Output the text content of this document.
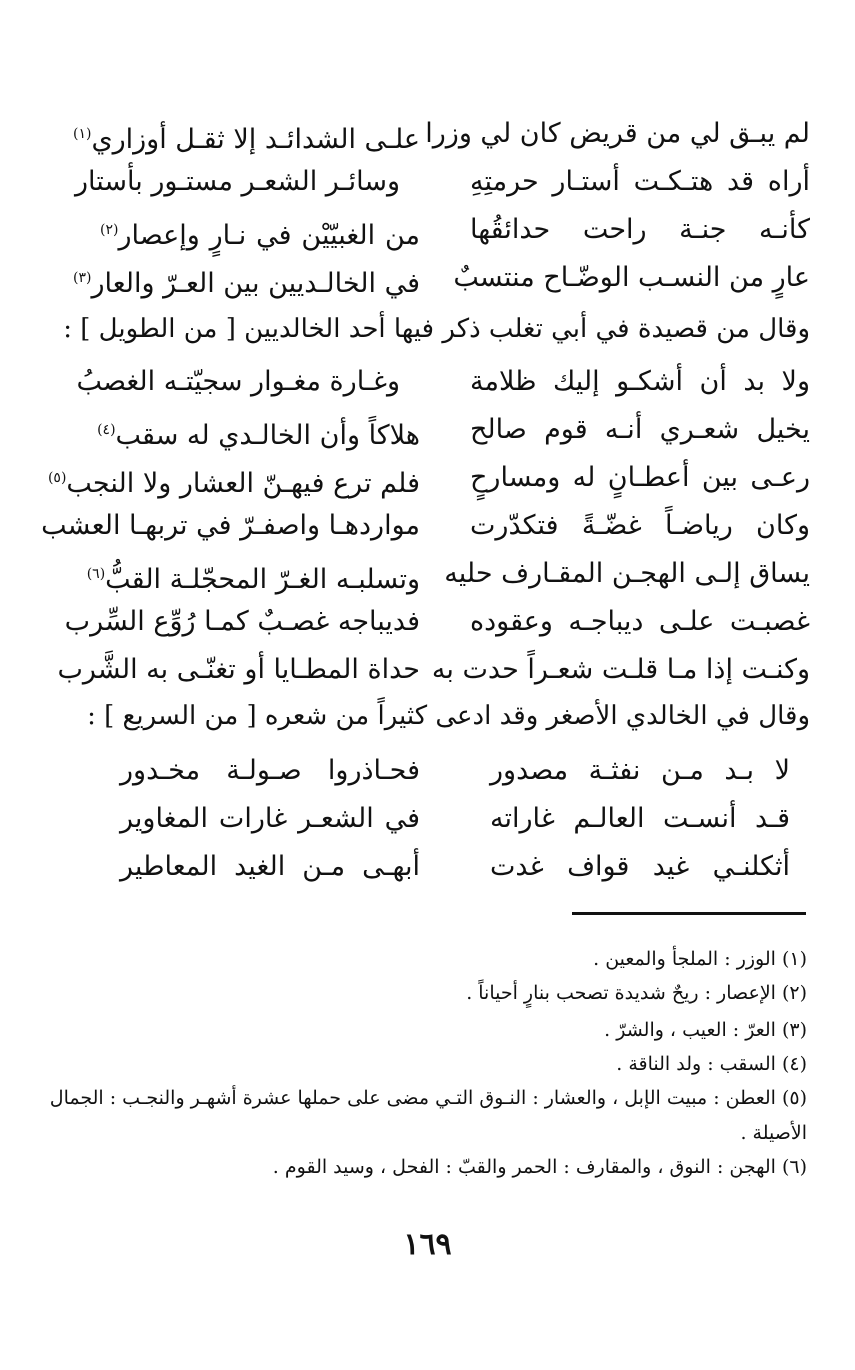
لم يبـق لي من قريض كان لي وزرا
علـى الشدائـد إلا ثقـل أوزاري$^{(١)}$
أراه قد هتـكـت أستـار حرمتِهِ
وسائـر الشعـر مستـور بأستار
كأنـه جنـة راحت حدائقُها
من الغبيّيْن في نـارٍ وإعصار$^{(٢)}$
عارٍ من النسـب الوضّـاح منتسبٌ
في الخالـديين بين العـرّ والعار$^{(٣)}$
وقال من قصيدة في أبي تغلب ذكر فيها أحد الخالديين [ من الطويل ] :
ولا بد أن أشكـو إليك ظلامة
وغـارة مغـوار سجيّتـه الغصبُ
يخيل شعـري أنـه قوم صالح
هلاكاً وأن الخالـدي له سقب$^{(٤)}$
رعـى بين أعطـانٍ له ومسارحٍ
فلم ترع فيهـنّ العشار ولا النجب$^{(٥)}$
وكان رياضـاً غضّـةً فتكدّرت
مواردهـا واصفـرّ في تربهـا العشب
يساق إلـى الهجـن المقـارف حليه
وتسلبـه الغـرّ المحجّلـة القبُّ$^{(٦)}$
غصبـت علـى ديباجـه وعقوده
فديباجه غصـبٌ كمـا رُوِّع السِّرب
وكنـت إذا مـا قلـت شعـراً حدت به
حداة المطـايا أو تغنّـى به الشَّرب
وقال في الخالدي الأصغر وقد ادعى كثيراً من شعره [ من السريع ] :
لا بـد مـن نفثـة مصدور
فحـاذروا صـولـة مخـدور
قـد أنسـت العالـم غاراته
في الشعـر غارات المغاوير
أثكلنـي غيد قواف غدت
أبهـى مـن الغيد المعاطير
(١)الوزر : الملجأ والمعين .
(٢)الإعصار : ريحٌ شديدة تصحب بنارٍ أحياناً .
(٣)العرّ : العيب ، والشرّ .
(٤)السقب : ولد الناقة .
(٥)العطن : مبيت الإبل ، والعشار : النـوق التـي مضى على حملها عشرة أشهـر والنجـب : الجمال
الأصيلة .
(٦)الهجن : النوق ، والمقارف : الحمر والقبّ : الفحل ، وسيد القوم .
١٦٩
